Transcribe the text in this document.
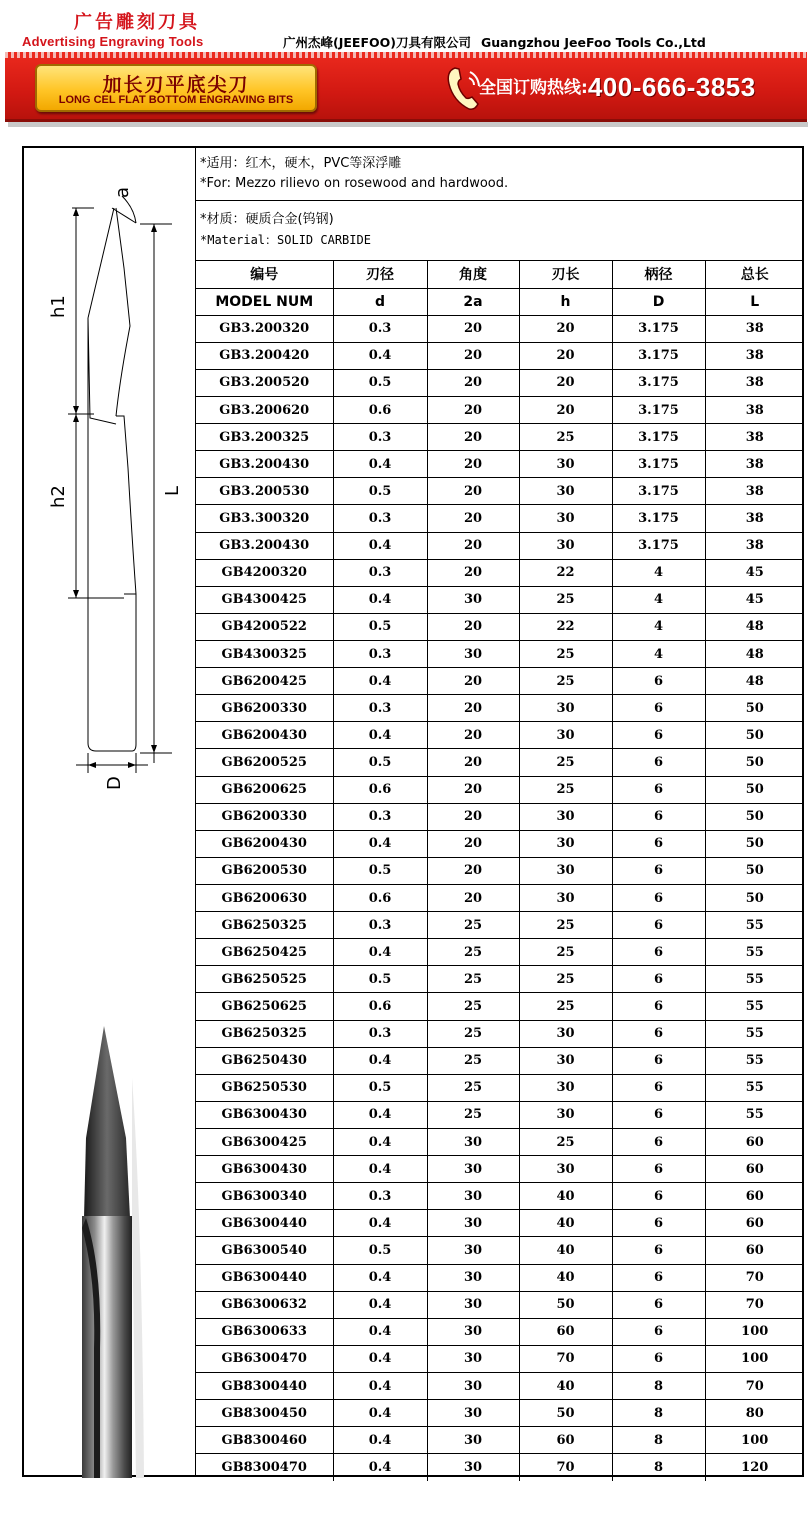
广告雕刻刀具
Advertising Engraving Tools	广州杰峰(JEEFOO)刀具有限公司 Guangzhou JeeFoo Tools Co.,Ltd
加长刃平底尖刀
LONG CEL FLAT BOTTOM ENGRAVING BITS
全国订购热线:400-666-3853
h1
h2	L
D
a
*适用：红木，硬木，PVC等深浮雕
*For: Mezzo rilievo on rosewood and hardwood.
*材质：硬质合金(钨钢)
*Material：SOLID CARBIDE
编号	刃径	角度	刃长	柄径	总长
MODEL NUM	d	2a	h	D	L
GB3.200320	0.3	20	20	3.175	38
GB3.200420	0.4	20	20	3.175	38
GB3.200520	0.5	20	20	3.175	38
GB3.200620	0.6	20	20	3.175	38
GB3.200325	0.3	20	25	3.175	38
GB3.200430	0.4	20	30	3.175	38
GB3.200530	0.5	20	30	3.175	38
GB3.300320	0.3	20	30	3.175	38
GB3.200430	0.4	20	30	3.175	38
GB4200320	0.3	20	22	4	45
GB4300425	0.4	30	25	4	45
GB4200522	0.5	20	22	4	48
GB4300325	0.3	30	25	4	48
GB6200425	0.4	20	25	6	48
GB6200330	0.3	20	30	6	50
GB6200430	0.4	20	30	6	50
GB6200525	0.5	20	25	6	50
GB6200625	0.6	20	25	6	50
GB6200330	0.3	20	30	6	50
GB6200430	0.4	20	30	6	50
GB6200530	0.5	20	30	6	50
GB6200630	0.6	20	30	6	50
GB6250325	0.3	25	25	6	55
GB6250425	0.4	25	25	6	55
GB6250525	0.5	25	25	6	55
GB6250625	0.6	25	25	6	55
GB6250325	0.3	25	30	6	55
GB6250430	0.4	25	30	6	55
GB6250530	0.5	25	30	6	55
GB6300430	0.4	25	30	6	55
GB6300425	0.4	30	25	6	60
GB6300430	0.4	30	30	6	60
GB6300340	0.3	30	40	6	60
GB6300440	0.4	30	40	6	60
GB6300540	0.5	30	40	6	60
GB6300440	0.4	30	40	6	70
GB6300632	0.4	30	50	6	70
GB6300633	0.4	30	60	6	100
GB6300470	0.4	30	70	6	100
GB8300440	0.4	30	40	8	70
GB8300450	0.4	30	50	8	80
GB8300460	0.4	30	60	8	100
GB8300470	0.4	30	70	8	120
